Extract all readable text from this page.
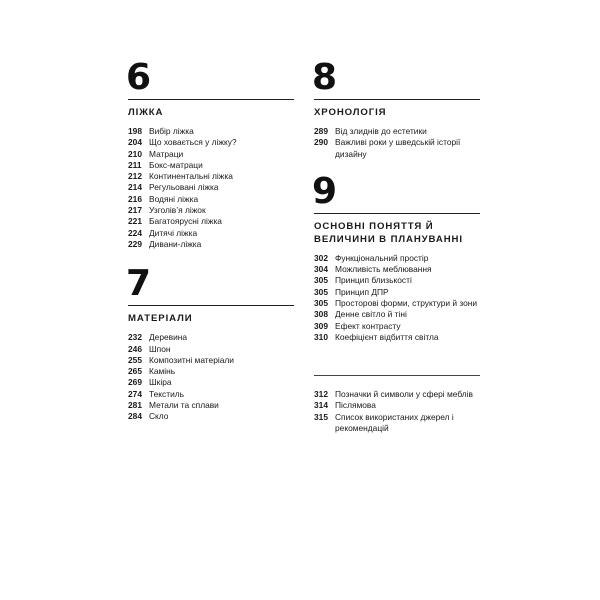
6
ЛІЖКА
198 Вибір ліжка
204 Що ховається у ліжку?
210 Матраци
211 Бокс-матраци
212 Континентальні ліжка
214 Регульовані ліжка
216 Водяні ліжка
217 Узголів’я ліжок
221 Багатоярусні ліжка
224 Дитячі ліжка
229 Дивани-ліжка
7
МАТЕРІАЛИ
232 Деревина
246 Шпон
255 Композитні матеріали
265 Камінь
269 Шкіра
274 Текстиль
281 Метали та сплави
284 Скло
8
ХРОНОЛОГІЯ
289 Від злиднів до естетики
290 Важливі роки у шведській історії дизайну
9
ОСНОВНІ ПОНЯТТЯ Й ВЕЛИЧИНИ В ПЛАНУВАННІ
302 Функціональний простір
304 Можливість меблювання
305 Принцип близькості
305 Принцип ДПР
305 Просторові форми, структури й зони
308 Денне світло й тіні
309 Ефект контрасту
310 Коефіцієнт відбиття світла
312 Позначки й символи у сфері меблів
314 Післямова
315 Список використаних джерел і рекомендацій
